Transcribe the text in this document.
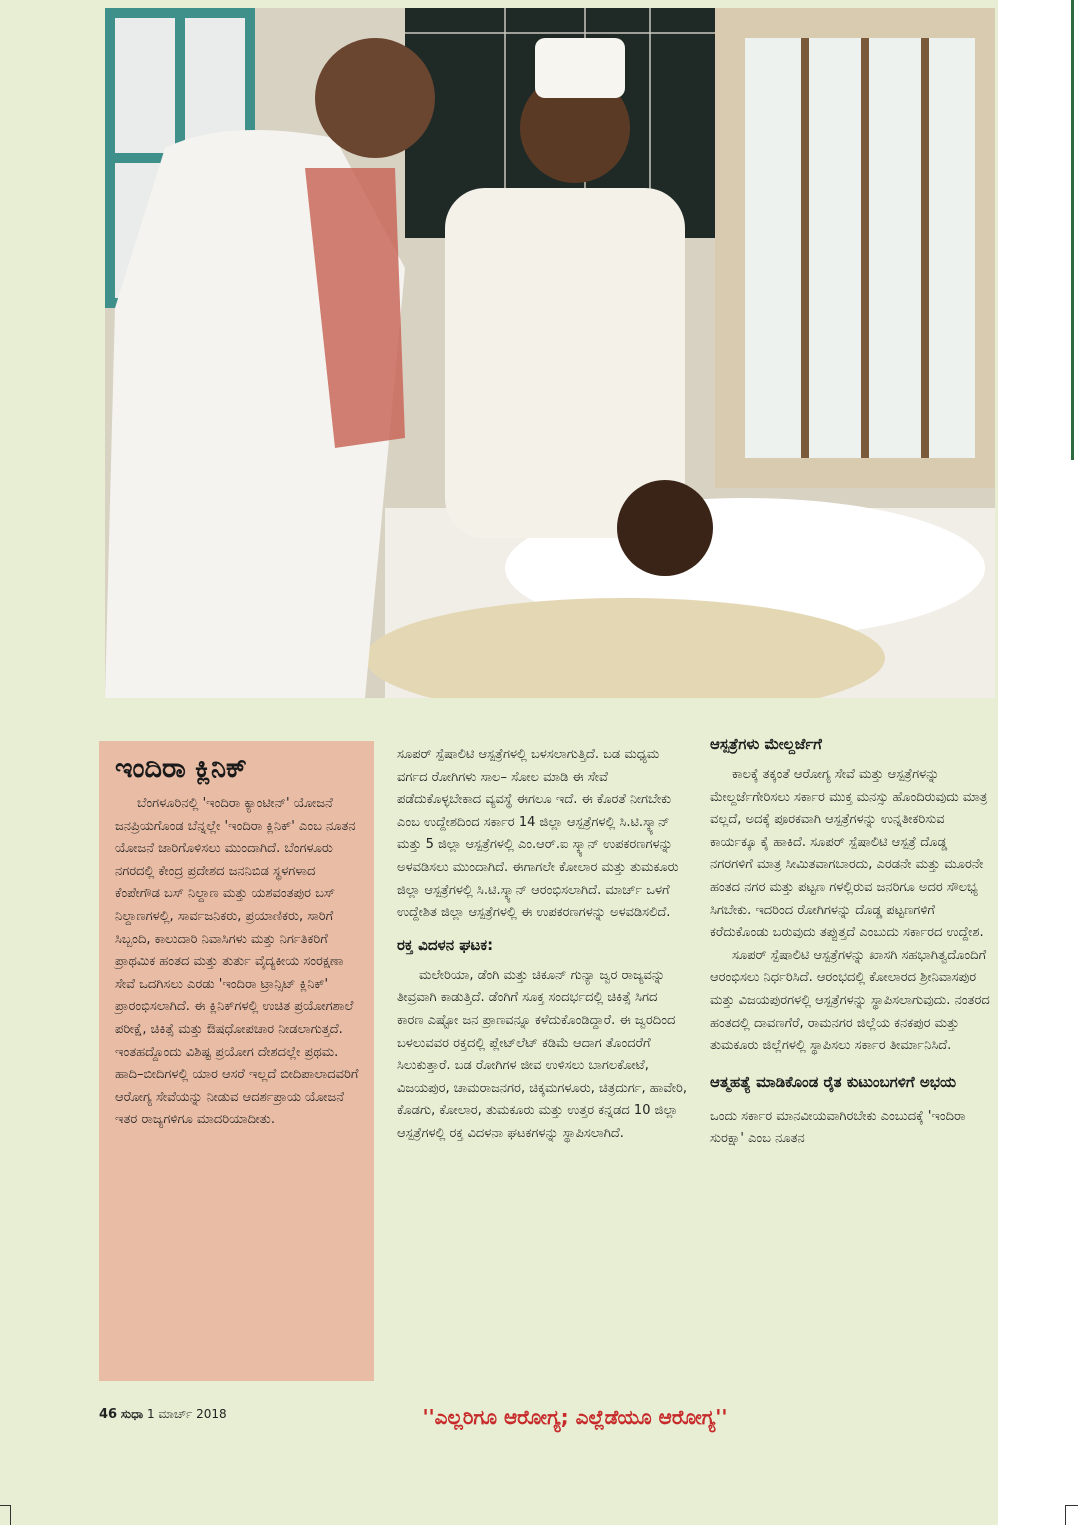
ಇಂದಿರಾ ಕ್ಲಿನಿಕ್

ಬೆಂಗಳೂರಿನಲ್ಲಿ 'ಇಂದಿರಾ ಕ್ಯಾಂಟೀನ್' ಯೋಜನೆ ಜನಪ್ರಿಯಗೊಂಡ ಬೆನ್ನಲ್ಲೇ 'ಇಂದಿರಾ ಕ್ಲಿನಿಕ್' ಎಂಬ ನೂತನ ಯೋಜನೆ ಜಾರಿಗೊಳಿಸಲು ಮುಂದಾಗಿದೆ. ಬೆಂಗಳೂರು ನಗರದಲ್ಲಿ ಕೇಂದ್ರ ಪ್ರದೇಶದ ಜನನಿಬಿಡ ಸ್ಥಳಗಳಾದ ಕೆಂಪೇಗೌಡ ಬಸ್ ನಿಲ್ದಾಣ ಮತ್ತು ಯಶವಂತಪುರ ಬಸ್ ನಿಲ್ದಾಣಗಳಲ್ಲಿ, ಸಾರ್ವಜನಿಕರು, ಪ್ರಯಾಣಿಕರು, ಸಾರಿಗೆ ಸಿಬ್ಬಂದಿ, ಕಾಲುದಾರಿ ನಿವಾಸಿಗಳು ಮತ್ತು ನಿರ್ಗತಿಕರಿಗೆ ಪ್ರಾಥಮಿಕ ಹಂತದ ಮತ್ತು ತುರ್ತು ವೈದ್ಯಕೀಯ ಸಂರಕ್ಷಣಾ ಸೇವೆ ಒದಗಿಸಲು ಎರಡು 'ಇಂದಿರಾ ಟ್ರಾನ್ಸಿಟ್ ಕ್ಲಿನಿಕ್' ಪ್ರಾರಂಭಿಸಲಾಗಿದೆ. ಈ ಕ್ಲಿನಿಕ್‌ಗಳಲ್ಲಿ ಉಚಿತ ಪ್ರಯೋಗಶಾಲೆ ಪರೀಕ್ಷೆ, ಚಿಕಿತ್ಸೆ ಮತ್ತು ಔಷಧೋಪಚಾರ ನೀಡಲಾಗುತ್ತದೆ. ಇಂತಹದ್ದೊಂದು ವಿಶಿಷ್ಟ ಪ್ರಯೋಗ ದೇಶದಲ್ಲೇ ಪ್ರಥಮ. ಹಾದಿ–ಬೀದಿಗಳಲ್ಲಿ ಯಾರ ಆಸರೆ ಇಲ್ಲದೆ ಬೀದಿಪಾಲಾದವರಿಗೆ ಆರೋಗ್ಯ ಸೇವೆಯನ್ನು ನೀಡುವ ಆದರ್ಶಪ್ರಾಯ ಯೋಜನೆ ಇತರ ರಾಜ್ಯಗಳಿಗೂ ಮಾದರಿಯಾದೀತು.

ಸೂಪರ್ ಸ್ಪೆಷಾಲಿಟಿ ಆಸ್ಪತ್ರೆಗಳಲ್ಲಿ ಬಳಸಲಾಗುತ್ತಿದೆ. ಬಡ ಮಧ್ಯಮ ವರ್ಗದ ರೋಗಿಗಳು ಸಾಲ– ಸೋಲ ಮಾಡಿ ಈ ಸೇವೆ ಪಡೆದುಕೊಳ್ಳಬೇಕಾದ ವ್ಯವಸ್ಥೆ ಈಗಲೂ ಇದೆ. ಈ ಕೊರತೆ ನೀಗಬೇಕು ಎಂಬ ಉದ್ದೇಶದಿಂದ ಸರ್ಕಾರ 14 ಜಿಲ್ಲಾ ಆಸ್ಪತ್ರೆಗಳಲ್ಲಿ ಸಿ.ಟಿ.ಸ್ಕ್ಯಾನ್ ಮತ್ತು 5 ಜಿಲ್ಲಾ ಆಸ್ಪತ್ರೆಗಳಲ್ಲಿ ಎಂ.ಆರ್.ಐ ಸ್ಕ್ಯಾನ್ ಉಪಕರಣಗಳನ್ನು ಅಳವಡಿಸಲು ಮುಂದಾಗಿದೆ. ಈಗಾಗಲೇ ಕೋಲಾರ ಮತ್ತು ತುಮಕೂರು ಜಿಲ್ಲಾ ಆಸ್ಪತ್ರೆಗಳಲ್ಲಿ ಸಿ.ಟಿ.ಸ್ಕ್ಯಾನ್ ಆರಂಭಿಸಲಾಗಿದೆ. ಮಾರ್ಚ್ ಒಳಗೆ ಉದ್ದೇಶಿತ ಜಿಲ್ಲಾ ಆಸ್ಪತ್ರೆಗಳಲ್ಲಿ ಈ ಉಪಕರಣಗಳನ್ನು ಅಳವಡಿಸಲಿದೆ.

ರಕ್ತ ವಿದಳನ ಘಟಕ:

ಮಲೇರಿಯಾ, ಡೆಂಗಿ ಮತ್ತು ಚಿಕೂನ್ ಗುನ್ಯಾ ಜ್ವರ ರಾಜ್ಯವನ್ನು ತೀವ್ರವಾಗಿ ಕಾಡುತ್ತಿದೆ. ಡೆಂಗಿಗೆ ಸೂಕ್ತ ಸಂದರ್ಭದಲ್ಲಿ ಚಿಕಿತ್ಸೆ ಸಿಗದ ಕಾರಣ ಎಷ್ಟೋ ಜನ ಪ್ರಾಣವನ್ನೂ ಕಳೆದುಕೊಂಡಿದ್ದಾರೆ. ಈ ಜ್ವರದಿಂದ ಬಳಲುವವರ ರಕ್ತದಲ್ಲಿ ಪ್ಲೇಟ್‌ಲೆಟ್ ಕಡಿಮೆ ಆದಾಗ ತೊಂದರೆಗೆ ಸಿಲುಕುತ್ತಾರೆ. ಬಡ ರೋಗಿಗಳ ಜೀವ ಉಳಿಸಲು ಬಾಗಲಕೋಟೆ, ವಿಜಯಪುರ, ಚಾಮರಾಜನಗರ, ಚಿಕ್ಕಮಗಳೂರು, ಚಿತ್ರದುರ್ಗ, ಹಾವೇರಿ, ಕೊಡಗು, ಕೋಲಾರ, ತುಮಕೂರು ಮತ್ತು ಉತ್ತರ ಕನ್ನಡದ 10 ಜಿಲ್ಲಾ ಆಸ್ಪತ್ರೆಗಳಲ್ಲಿ ರಕ್ತ ವಿದಳನಾ ಘಟಕಗಳನ್ನು ಸ್ಥಾಪಿಸಲಾಗಿದೆ.

ಆಸ್ಪತ್ರೆಗಳು ಮೇಲ್ದರ್ಜೆಗೆ

ಕಾಲಕ್ಕೆ ತಕ್ಕಂತೆ ಆರೋಗ್ಯ ಸೇವೆ ಮತ್ತು ಆಸ್ಪತ್ರೆಗಳನ್ನು ಮೇಲ್ದರ್ಜೆಗೇರಿಸಲು ಸರ್ಕಾರ ಮುಕ್ತ ಮನಸ್ಸು ಹೊಂದಿರುವುದು ಮಾತ್ರ ವಲ್ಲದೆ, ಅದಕ್ಕೆ ಪೂರಕವಾಗಿ ಆಸ್ಪತ್ರೆಗಳನ್ನು ಉನ್ನತೀಕರಿಸುವ ಕಾರ್ಯಕ್ಕೂ ಕೈ ಹಾಕಿದೆ. ಸೂಪರ್ ಸ್ಪೆಷಾಲಿಟಿ ಆಸ್ಪತ್ರೆ ದೊಡ್ಡ ನಗರಗಳಿಗೆ ಮಾತ್ರ ಸೀಮಿತವಾಗಬಾರದು, ಎರಡನೇ ಮತ್ತು ಮೂರನೇ ಹಂತದ ನಗರ ಮತ್ತು ಪಟ್ಟಣ ಗಳಲ್ಲಿರುವ ಜನರಿಗೂ ಅದರ ಸೌಲಭ್ಯ ಸಿಗಬೇಕು. ಇದರಿಂದ ರೋಗಿಗಳನ್ನು ದೊಡ್ಡ ಪಟ್ಟಣಗಳಿಗೆ ಕರೆದುಕೊಂಡು ಬರುವುದು ತಪ್ಪುತ್ತದೆ ಎಂಬುದು ಸರ್ಕಾರದ ಉದ್ದೇಶ.

ಸೂಪರ್ ಸ್ಪೆಷಾಲಿಟಿ ಆಸ್ಪತ್ರೆಗಳನ್ನು ಖಾಸಗಿ ಸಹಭಾಗಿತ್ವದೊಂದಿಗೆ ಆರಂಭಿಸಲು ನಿರ್ಧರಿಸಿದೆ. ಆರಂಭದಲ್ಲಿ ಕೋಲಾರದ ಶ್ರೀನಿವಾಸಪುರ ಮತ್ತು ವಿಜಯಪುರಗಳಲ್ಲಿ ಆಸ್ಪತ್ರೆಗಳನ್ನು ಸ್ಥಾಪಿಸಲಾಗುವುದು. ನಂತರದ ಹಂತದಲ್ಲಿ ದಾವಣಗೆರೆ, ರಾಮನಗರ ಜಿಲ್ಲೆಯ ಕನಕಪುರ ಮತ್ತು ತುಮಕೂರು ಜಿಲ್ಲೆಗಳಲ್ಲಿ ಸ್ಥಾಪಿಸಲು ಸರ್ಕಾರ ತೀರ್ಮಾನಿಸಿದೆ.

ಆತ್ಮಹತ್ಯೆ ಮಾಡಿಕೊಂಡ ರೈತ ಕುಟುಂಬಗಳಿಗೆ ಅಭಯ

ಒಂದು ಸರ್ಕಾರ ಮಾನವೀಯವಾಗಿರಬೇಕು ಎಂಬುದಕ್ಕೆ 'ಇಂದಿರಾ ಸುರಕ್ಷಾ' ಎಂಬ ನೂತನ

46 ಸುಧಾ 1 ಮಾರ್ಚ್ 2018	''ಎಲ್ಲರಿಗೂ ಆರೋಗ್ಯ; ಎಲ್ಲೆಡೆಯೂ ಆರೋಗ್ಯ''
